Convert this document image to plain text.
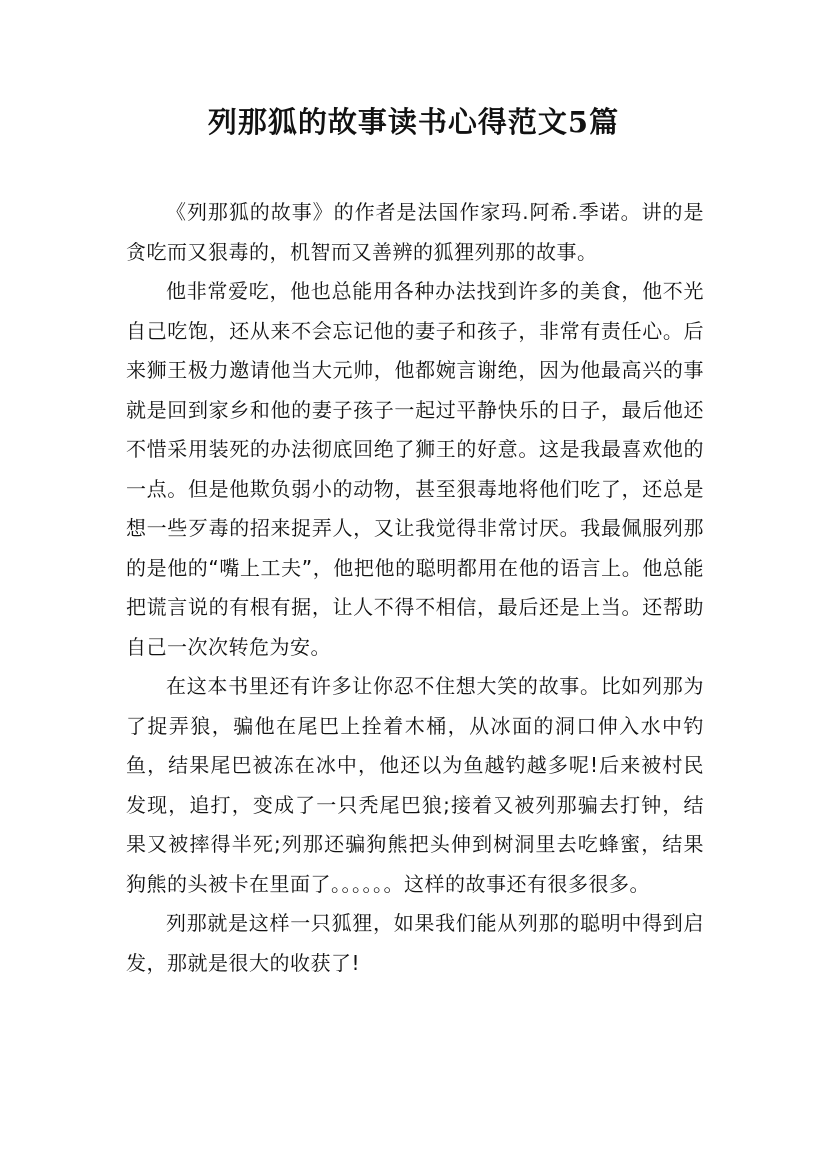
列那狐的故事读书心得范文5篇

《列那狐的故事》的作者是法国作家玛.阿希.季诺。讲的是贪吃而又狠毒的，机智而又善辨的狐狸列那的故事。

他非常爱吃，他也总能用各种办法找到许多的美食，他不光自己吃饱，还从来不会忘记他的妻子和孩子，非常有责任心。后来狮王极力邀请他当大元帅，他都婉言谢绝，因为他最高兴的事就是回到家乡和他的妻子孩子一起过平静快乐的日子，最后他还不惜采用装死的办法彻底回绝了狮王的好意。这是我最喜欢他的一点。但是他欺负弱小的动物，甚至狠毒地将他们吃了，还总是想一些歹毒的招来捉弄人，又让我觉得非常讨厌。我最佩服列那的是他的“嘴上工夫”，他把他的聪明都用在他的语言上。他总能把谎言说的有根有据，让人不得不相信，最后还是上当。还帮助自己一次次转危为安。

在这本书里还有许多让你忍不住想大笑的故事。比如列那为了捉弄狼，骗他在尾巴上拴着木桶，从冰面的洞口伸入水中钓鱼，结果尾巴被冻在冰中，他还以为鱼越钓越多呢!后来被村民发现，追打，变成了一只秃尾巴狼;接着又被列那骗去打钟，结果又被摔得半死;列那还骗狗熊把头伸到树洞里去吃蜂蜜，结果狗熊的头被卡在里面了。。。。。。这样的故事还有很多很多。

列那就是这样一只狐狸，如果我们能从列那的聪明中得到启发，那就是很大的收获了!
